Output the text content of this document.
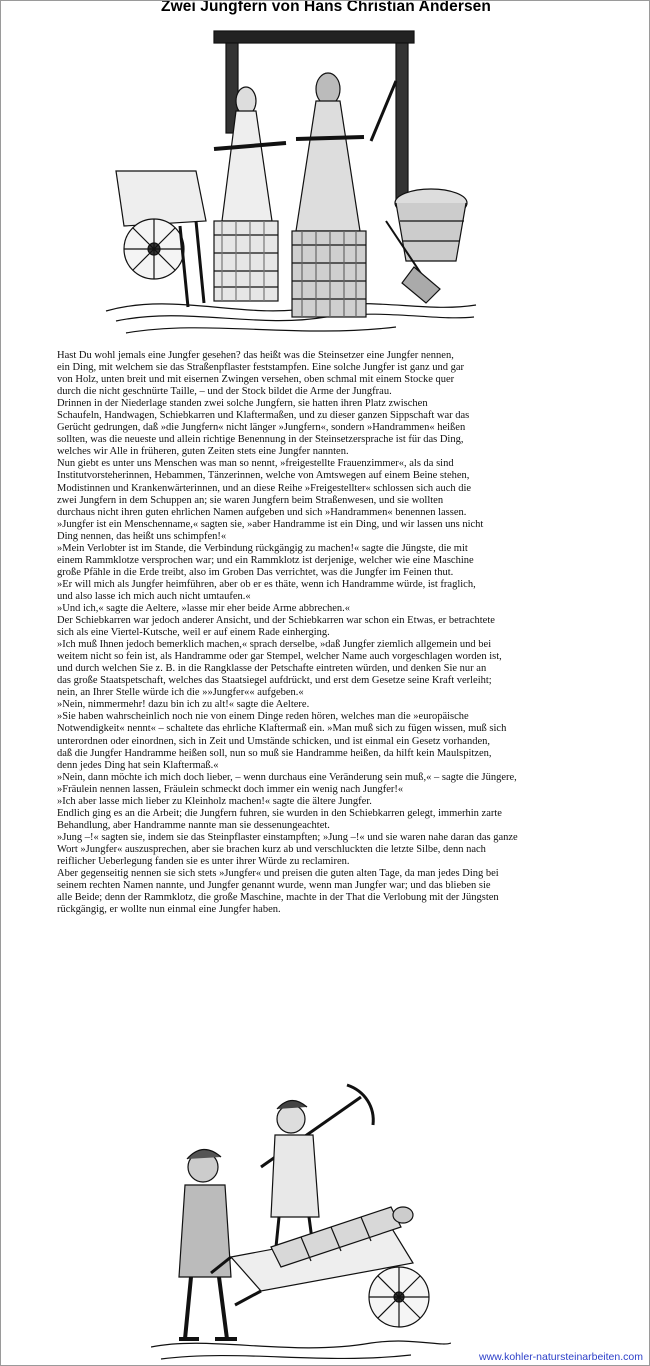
Zwei Jungfern von Hans Christian Andersen
Hast Du wohl jemals eine Jungfer gesehen? das heißt was die Steinsetzer eine Jungfer nennen,
ein Ding, mit welchem sie das Straßenpflaster feststampfen. Eine solche Jungfer ist ganz und gar
von Holz, unten breit und mit eisernen Zwingen versehen, oben schmal mit einem Stocke quer
durch die nicht geschnürte Taille, – und der Stock bildet die Arme der Jungfrau.
Drinnen in der Niederlage standen zwei solche Jungfern, sie hatten ihren Platz zwischen
Schaufeln, Handwagen, Schiebkarren und Klaftermaßen, und zu dieser ganzen Sippschaft war das
Gerücht gedrungen, daß »die Jungfern« nicht länger »Jungfern«, sondern »Handrammen« heißen
sollten, was die neueste und allein richtige Benennung in der Steinsetzersprache ist für das Ding,
welches wir Alle in früheren, guten Zeiten stets eine Jungfer nannten.
Nun giebt es unter uns Menschen was man so nennt, »freigestellte Frauenzimmer«, als da sind
Institutvorsteherinnen, Hebammen, Tänzerinnen, welche von Amtswegen auf einem Beine stehen,
Modistinnen und Krankenwärterinnen, und an diese Reihe »Freigestellter« schlossen sich auch die
zwei Jungfern in dem Schuppen an; sie waren Jungfern beim Straßenwesen, und sie wollten
durchaus nicht ihren guten ehrlichen Namen aufgeben und sich »Handrammen« benennen lassen.
»Jungfer ist ein Menschenname,« sagten sie, »aber Handramme ist ein Ding, und wir lassen uns nicht
Ding nennen, das heißt uns schimpfen!«
»Mein Verlobter ist im Stande, die Verbindung rückgängig zu machen!« sagte die Jüngste, die mit
einem Rammklotze versprochen war; und ein Rammklotz ist derjenige, welcher wie eine Maschine
große Pfähle in die Erde treibt, also im Groben Das verrichtet, was die Jungfer im Feinen thut.
»Er will mich als Jungfer heimführen, aber ob er es thäte, wenn ich Handramme würde, ist fraglich,
und also lasse ich mich auch nicht umtaufen.«
»Und ich,« sagte die Aeltere, »lasse mir eher beide Arme abbrechen.«
Der Schiebkarren war jedoch anderer Ansicht, und der Schiebkarren war schon ein Etwas, er betrachtete
sich als eine Viertel-Kutsche, weil er auf einem Rade einherging.
»Ich muß Ihnen jedoch bemerklich machen,« sprach derselbe, »daß Jungfer ziemlich allgemein und bei
weitem nicht so fein ist, als Handramme oder gar Stempel, welcher Name auch vorgeschlagen worden ist,
und durch welchen Sie z. B. in die Rangklasse der Petschafte eintreten würden, und denken Sie nur an
das große Staatspetschaft, welches das Staatsiegel aufdrückt, und erst dem Gesetze seine Kraft verleiht;
nein, an Ihrer Stelle würde ich die »»Jungfer«« aufgeben.«
»Nein, nimmermehr! dazu bin ich zu alt!« sagte die Aeltere.
»Sie haben wahrscheinlich noch nie von einem Dinge reden hören, welches man die »europäische
Notwendigkeit« nennt« – schaltete das ehrliche Klaftermaß ein. »Man muß sich zu fügen wissen, muß sich
unterordnen oder einordnen, sich in Zeit und Umstände schicken, und ist einmal ein Gesetz vorhanden,
daß die Jungfer Handramme heißen soll, nun so muß sie Handramme heißen, da hilft kein Maulspitzen,
denn jedes Ding hat sein Klaftermaß.«
»Nein, dann möchte ich mich doch lieber, – wenn durchaus eine Veränderung sein muß,« – sagte die Jüngere,
»Fräulein nennen lassen, Fräulein schmeckt doch immer ein wenig nach Jungfer!«
»Ich aber lasse mich lieber zu Kleinholz machen!« sagte die ältere Jungfer.
Endlich ging es an die Arbeit; die Jungfern fuhren, sie wurden in den Schiebkarren gelegt, immerhin zarte
Behandlung, aber Handramme nannte man sie dessenungeachtet.
»Jung –!« sagten sie, indem sie das Steinpflaster einstampften; »Jung –!« und sie waren nahe daran das ganze
Wort »Jungfer« auszusprechen, aber sie brachen kurz ab und verschluckten die letzte Silbe, denn nach
reiflicher Ueberlegung fanden sie es unter ihrer Würde zu reclamiren.
Aber gegenseitig nennen sie sich stets »Jungfer« und preisen die guten alten Tage, da man jedes Ding bei
seinem rechten Namen nannte, und Jungfer genannt wurde, wenn man Jungfer war; und das blieben sie
alle Beide; denn der Rammklotz, die große Maschine, machte in der That die Verlobung mit der Jüngsten
rückgängig, er wollte nun einmal eine Jungfer haben.
www.kohler-natursteinarbeiten.com
